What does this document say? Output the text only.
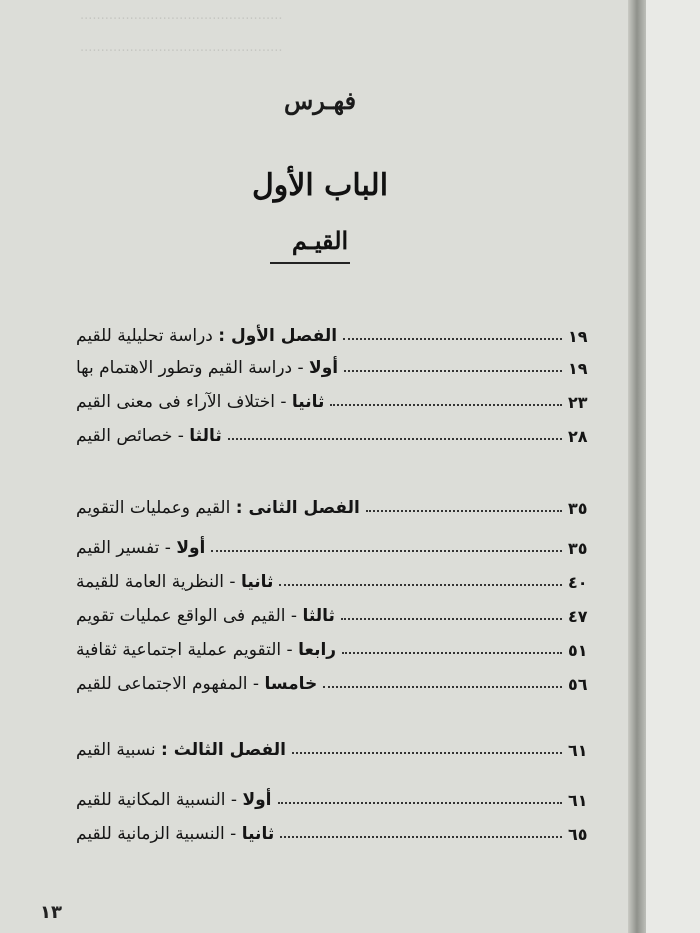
.................................................
.................................................
فهـرس
الباب الأول
القيـم
الفصل الأول : دراسة تحليلية للقيم	١٩
أولا - دراسة القيم وتطور الاهتمام بها	١٩
ثانيا - اختلاف الآراء فى معنى القيم	٢٣
ثالثا - خصائص القيم	٢٨
الفصل الثانى : القيم وعمليات التقويم	٣٥
أولا - تفسير القيم	٣٥
ثانيا - النظرية العامة للقيمة	٤٠
ثالثا - القيم فى الواقع عمليات تقويم	٤٧
رابعا - التقويم عملية اجتماعية ثقافية	٥١
خامسا - المفهوم الاجتماعى للقيم	٥٦
الفصل الثالث : نسبية القيم	٦١
أولا - النسبية المكانية للقيم	٦١
ثانيا - النسبية الزمانية للقيم	٦٥
١٣
